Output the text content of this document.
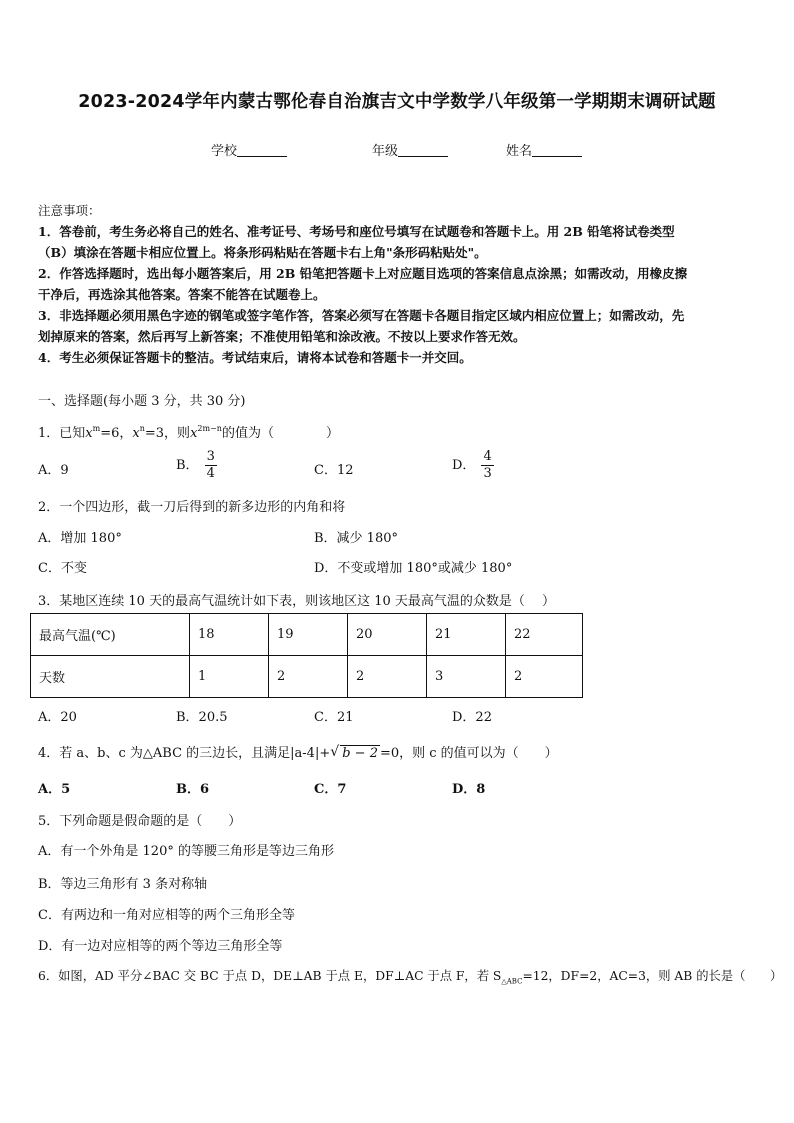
2023-2024学年内蒙古鄂伦春自治旗吉文中学数学八年级第一学期期末调研试题
学校	年级	姓名
注意事项：
1．答卷前，考生务必将自己的姓名、准考证号、考场号和座位号填写在试题卷和答题卡上。用 2B 铅笔将试卷类型
（B）填涂在答题卡相应位置上。将条形码粘贴在答题卡右上角"条形码粘贴处"。
2．作答选择题时，选出每小题答案后，用 2B 铅笔把答题卡上对应题目选项的答案信息点涂黑；如需改动，用橡皮擦
干净后，再选涂其他答案。答案不能答在试题卷上。
3．非选择题必须用黑色字迹的钢笔或签字笔作答，答案必须写在答题卡各题目指定区域内相应位置上；如需改动，先
划掉原来的答案，然后再写上新答案；不准使用铅笔和涂改液。不按以上要求作答无效。
4．考生必须保证答题卡的整洁。考试结束后，请将本试卷和答题卡一并交回。
一、选择题(每小题 3 分，共 30 分)
1．已知$x^m=6$，$x^n=3$，则$x^{2m-n}$的值为（　　　　）
A．9	B． $\frac{3}{4}$	C．12	D． $\frac{4}{3}$
2．一个四边形，截一刀后得到的新多边形的内角和将
A．增加 180°	B．减少 180°
C．不变	D．不变或增加 180°或减少 180°
3．某地区连续 10 天的最高气温统计如下表，则该地区这 10 天最高气温的众数是（　 ）
最高气温(℃)	18	19	20	21	22
天数	1	2	2	3	2
A．20	B．20.5	C．21	D．22
4．若 a、b、c 为△ABC 的三边长，且满足|a-4|+ √ b − 2 =0，则 c 的值可以为（　　）
A．5	B．6	C．7	D．8
5．下列命题是假命题的是（　　）
A．有一个外角是 120° 的等腰三角形是等边三角形
B．等边三角形有 3 条对称轴
C．有两边和一角对应相等的两个三角形全等
D．有一边对应相等的两个等边三角形全等
6．如图，AD 平分∠BAC 交 BC 于点 D，DE⊥AB 于点 E，DF⊥AC 于点 F，若 $S_{\triangle ABC}=12$，DF=2，AC=3，则 AB 的长是（　　）
